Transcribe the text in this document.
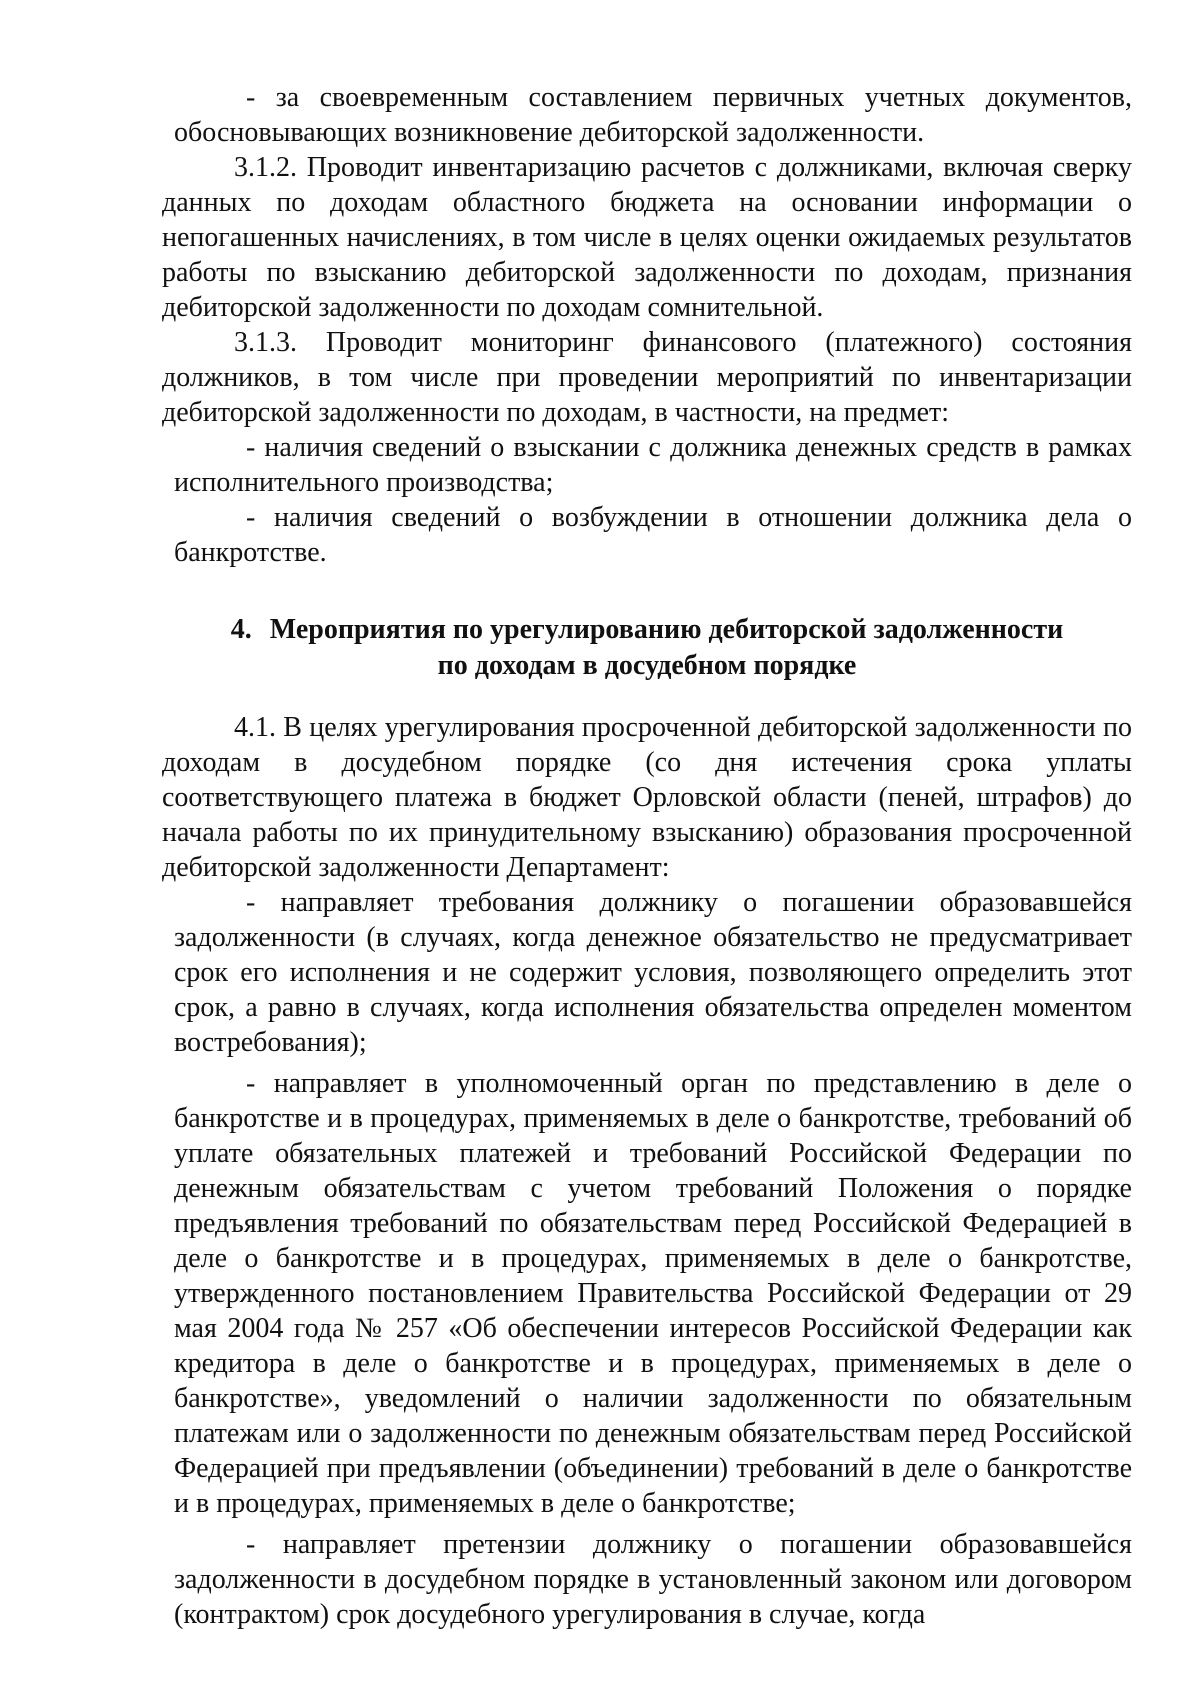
- за своевременным составлением первичных учетных документов, обосновывающих возникновение дебиторской задолженности.

3.1.2. Проводит инвентаризацию расчетов с должниками, включая сверку данных по доходам областного бюджета на основании информации о непогашенных начислениях, в том числе в целях оценки ожидаемых результатов работы по взысканию дебиторской задолженности по доходам, признания дебиторской задолженности по доходам сомнительной.

3.1.3. Проводит мониторинг финансового (платежного) состояния должников, в том числе при проведении мероприятий по инвентаризации дебиторской задолженности по доходам, в частности, на предмет:

- наличия сведений о взыскании с должника денежных средств в рамках исполнительного производства;

- наличия сведений о возбуждении в отношении должника дела о банкротстве.

4. Мероприятия по урегулированию дебиторской задолженности
по доходам в досудебном порядке

4.1. В целях урегулирования просроченной дебиторской задолженности по доходам в досудебном порядке (со дня истечения срока уплаты соответствующего платежа в бюджет Орловской области (пеней, штрафов) до начала работы по их принудительному взысканию) образования просроченной дебиторской задолженности Департамент:

- направляет требования должнику о погашении образовавшейся задолженности (в случаях, когда денежное обязательство не предусматривает срок его исполнения и не содержит условия, позволяющего определить этот срок, а равно в случаях, когда исполнения обязательства определен моментом востребования);

- направляет в уполномоченный орган по представлению в деле о банкротстве и в процедурах, применяемых в деле о банкротстве, требований об уплате обязательных платежей и требований Российской Федерации по денежным обязательствам с учетом требований Положения о порядке предъявления требований по обязательствам перед Российской Федерацией в деле о банкротстве и в процедурах, применяемых в деле о банкротстве, утвержденного постановлением Правительства Российской Федерации от 29 мая 2004 года № 257 «Об обеспечении интересов Российской Федерации как кредитора в деле о банкротстве и в процедурах, применяемых в деле о банкротстве», уведомлений о наличии задолженности по обязательным платежам или о задолженности по денежным обязательствам перед Российской Федерацией при предъявлении (объединении) требований в деле о банкротстве и в процедурах, применяемых в деле о банкротстве;

- направляет претензии должнику о погашении образовавшейся задолженности в досудебном порядке в установленный законом или договором (контрактом) срок досудебного урегулирования в случае, когда
